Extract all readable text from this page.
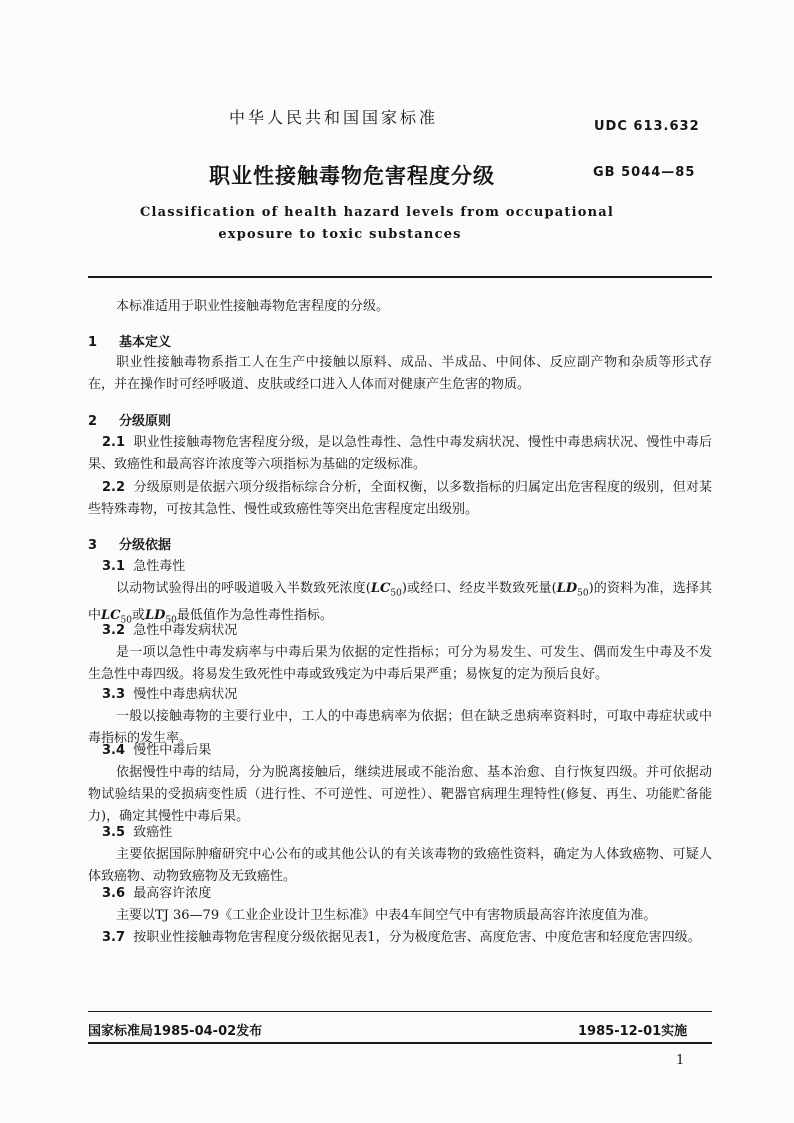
中华人民共和国国家标准	UDC 613.632
职业性接触毒物危害程度分级	GB 5044—85
Classification of health hazard levels from occupational
exposure to toxic substances
本标准适用于职业性接触毒物危害程度的分级。
1 基本定义
职业性接触毒物系指工人在生产中接触以原料、成品、半成品、中间体、反应副产物和杂质等形式存在，并在操作时可经呼吸道、皮肤或经口进入人体而对健康产生危害的物质。
2 分级原则
2.1 职业性接触毒物危害程度分级，是以急性毒性、急性中毒发病状况、慢性中毒患病状况、慢性中毒后果、致癌性和最高容许浓度等六项指标为基础的定级标准。
2.2 分级原则是依据六项分级指标综合分析，全面权衡，以多数指标的归属定出危害程度的级别，但对某些特殊毒物，可按其急性、慢性或致癌性等突出危害程度定出级别。
3 分级依据
3.1 急性毒性
以动物试验得出的呼吸道吸入半数致死浓度$(LC_{50})$或经口、经皮半数致死量$(LD_{50})$的资料为准，选择其中$LC_{50}$或$LD_{50}$最低值作为急性毒性指标。
3.2 急性中毒发病状况
是一项以急性中毒发病率与中毒后果为依据的定性指标；可分为易发生、可发生、偶而发生中毒及不发生急性中毒四级。将易发生致死性中毒或致残定为中毒后果严重；易恢复的定为预后良好。
3.3 慢性中毒患病状况
一般以接触毒物的主要行业中，工人的中毒患病率为依据；但在缺乏患病率资料时，可取中毒症状或中毒指标的发生率。
3.4 慢性中毒后果
依据慢性中毒的结局，分为脱离接触后，继续进展或不能治愈、基本治愈、自行恢复四级。并可依据动物试验结果的受损病变性质（进行性、不可逆性、可逆性）、靶器官病理生理特性(修复、再生、功能贮备能力)，确定其慢性中毒后果。
3.5 致癌性
主要依据国际肿瘤研究中心公布的或其他公认的有关该毒物的致癌性资料，确定为人体致癌物、可疑人体致癌物、动物致癌物及无致癌性。
3.6 最高容许浓度
主要以TJ 36—79《工业企业设计卫生标准》中表4车间空气中有害物质最高容许浓度值为准。
3.7 按职业性接触毒物危害程度分级依据见表1，分为极度危害、高度危害、中度危害和轻度危害四级。
国家标准局1985-04-02发布	1985-12-01实施
1
